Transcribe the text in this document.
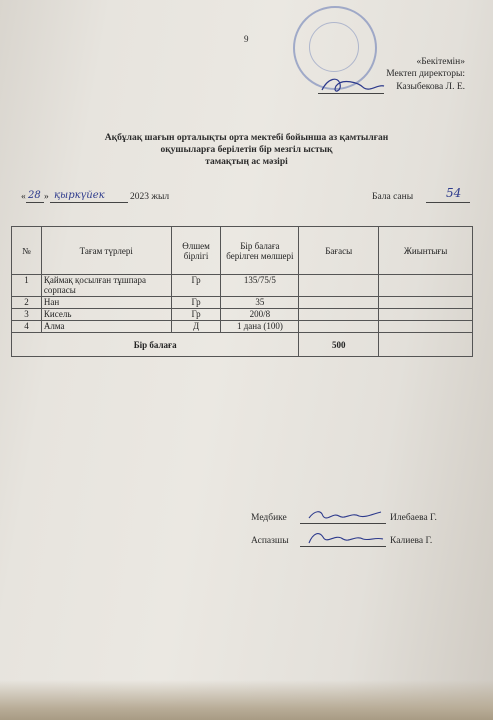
9
«Бекітемін»
Мектеп директоры:
Казыбекова Л. Е.
Ақбұлақ шағын орталықты орта мектебі бойынша аз қамтылған
оқушыларға берілетін бір мезгіл ыстық
тамақтың ас мәзірі
« 28 » қыркүйек	2023 жыл	Бала саны	54
№	Тағам түрлері	Өлшем бірлігі	Бір балаға берілген мөлшері	Бағасы	Жиынтығы
1	Қаймақ қосылған тұшпара сорпасы	Гр	135/75/5		
2	Нан	Гр	35		
3	Кисель	Гр	200/8		
4	Алма	Д	1 дана (100)		
Бір балаға				500	
Медбике	Илебаева Г.
Аспазшы	Калиева Г.
